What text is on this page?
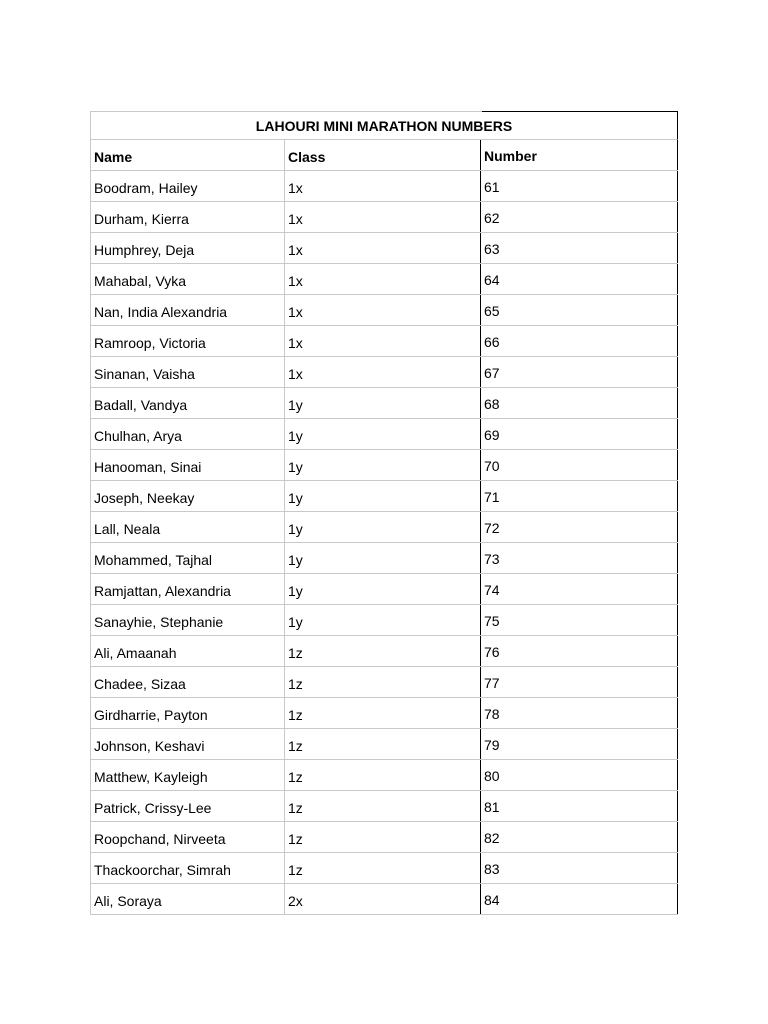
LAHOURI MINI MARATHON NUMBERS
Name	Class	Number
Boodram, Hailey	1x	61
Durham, Kierra	1x	62
Humphrey, Deja	1x	63
Mahabal, Vyka	1x	64
Nan, India Alexandria	1x	65
Ramroop, Victoria	1x	66
Sinanan, Vaisha	1x	67
Badall, Vandya	1y	68
Chulhan, Arya	1y	69
Hanooman, Sinai	1y	70
Joseph, Neekay	1y	71
Lall, Neala	1y	72
Mohammed, Tajhal	1y	73
Ramjattan, Alexandria	1y	74
Sanayhie, Stephanie	1y	75
Ali, Amaanah	1z	76
Chadee, Sizaa	1z	77
Girdharrie, Payton	1z	78
Johnson, Keshavi	1z	79
Matthew, Kayleigh	1z	80
Patrick, Crissy-Lee	1z	81
Roopchand, Nirveeta	1z	82
Thackoorchar, Simrah	1z	83
Ali, Soraya	2x	84
